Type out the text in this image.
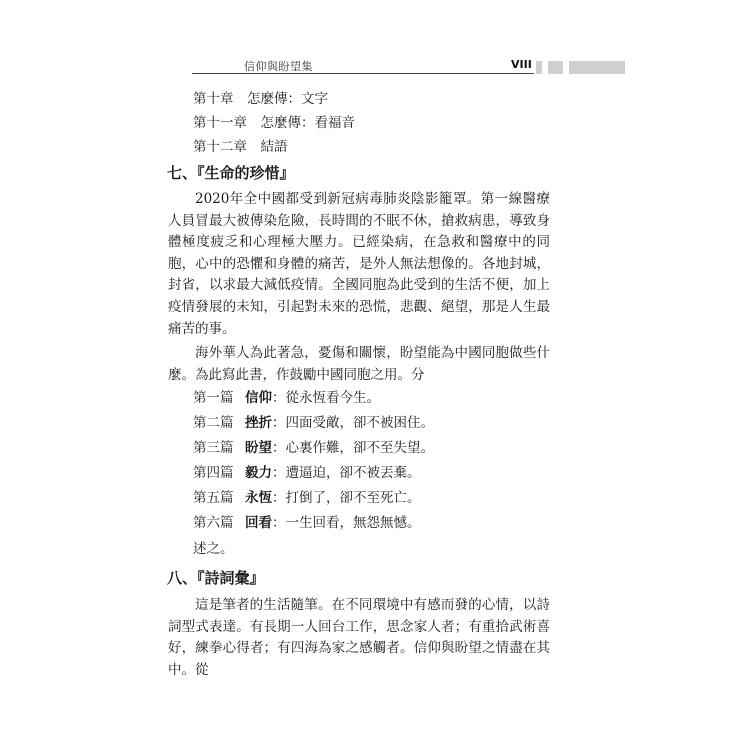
信仰與盼望集	VIII
第十章　怎麼傳：文字
第十一章　怎麼傳：看福音
第十二章　結語
七、『生命的珍惜』

2020年全中國都受到新冠病毒肺炎陰影籠罩。第一線醫療人員冒最大被傳染危險，長時間的不眠不休，搶救病患，導致身體極度疲乏和心理極大壓力。已經染病，在急救和醫療中的同胞，心中的恐懼和身體的痛苦，是外人無法想像的。各地封城，封省，以求最大減低疫情。全國同胞為此受到的生活不便，加上疫情發展的未知，引起對未來的恐慌，悲觀、絕望，那是人生最痛苦的事。

海外華人為此著急，憂傷和關懷，盼望能為中國同胞做些什麼。為此寫此書，作鼓勵中國同胞之用。分

第一篇 信仰：從永恆看今生。
第二篇 挫折：四面受敵，卻不被困住。
第三篇 盼望：心裏作難，卻不至失望。
第四篇 毅力：遭逼迫，卻不被丟棄。
第五篇 永恆：打倒了，卻不至死亡。
第六篇 回看：一生回看，無怨無憾。
述之。
八、『詩詞彙』

這是筆者的生活隨筆。在不同環境中有感而發的心情，以詩詞型式表達。有長期一人回台工作，思念家人者；有重拾武術喜好，練拳心得者；有四海為家之感觸者。信仰與盼望之情盡在其中。從
